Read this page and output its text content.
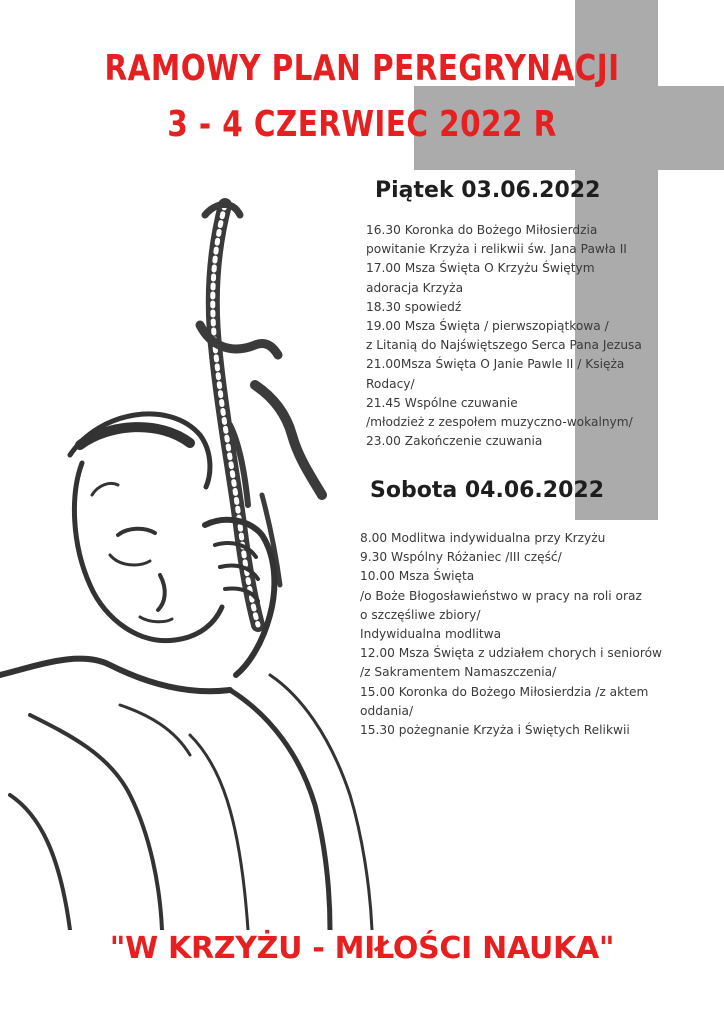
RAMOWY PLAN PEREGRYNACJI
3 - 4 CZERWIEC 2022 R
Piątek 03.06.2022
16.30 Koronka do Bożego Miłosierdzia
powitanie Krzyża i relikwii św. Jana Pawła II
17.00 Msza Święta O Krzyżu Świętym
adoracja Krzyża
18.30 spowiedź
19.00 Msza Święta / pierwszopiątkowa /
z Litanią do Najświętszego Serca Pana Jezusa
21.00Msza Święta O Janie Pawle II / Księża
Rodacy/
21.45 Wspólne czuwanie
/młodzież z zespołem muzyczno-wokalnym/
23.00 Zakończenie czuwania
Sobota 04.06.2022
8.00 Modlitwa indywidualna przy Krzyżu
9.30 Wspólny Różaniec /III część/
10.00 Msza Święta
/o Boże Błogosławieństwo w pracy na roli oraz
o szczęśliwe zbiory/
Indywidualna modlitwa
12.00 Msza Święta z udziałem chorych i seniorów
/z Sakramentem Namaszczenia/
15.00 Koronka do Bożego Miłosierdzia /z aktem
oddania/
15.30 pożegnanie Krzyża i Świętych Relikwii
"W KRZYŻU - MIŁOŚCI NAUKA"
